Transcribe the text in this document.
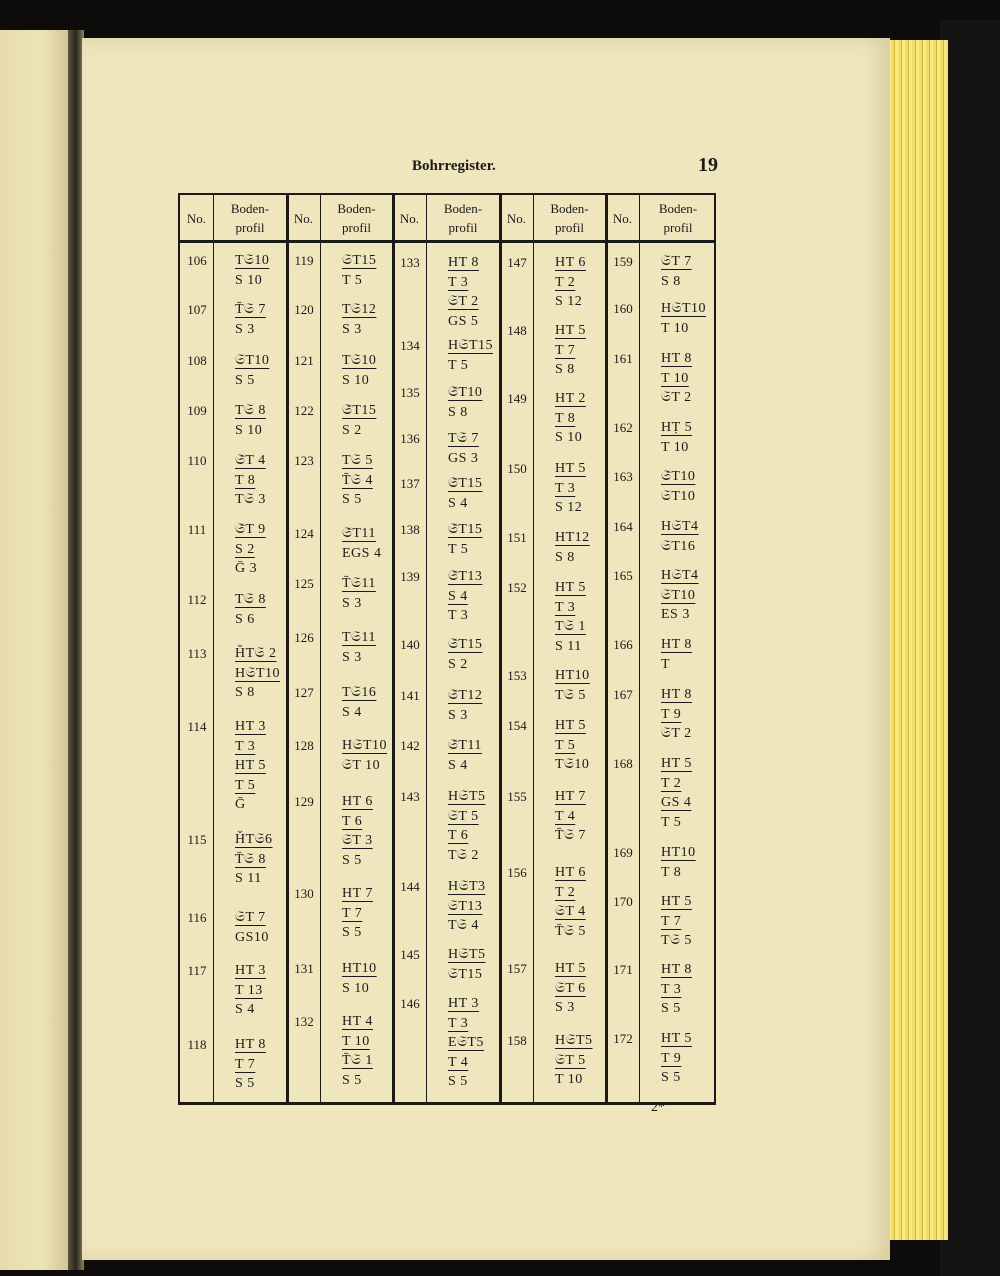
Bohrregister.	19
No.
Boden-
profil
No.
Boden-
profil
No.
Boden-
profil
No.
Boden-
profil
No.
Boden-
profil
106	T𝔖10
S 10
107	T̄𝔖 7
S 3
108	𝔖T10
S 5
109	T𝔖 8
S 10
110	𝔖̄T 4
T 8
T𝔖 3
111	𝔖̄T 9
S 2
Ḡ 3
112	T𝔖 8
S 6
113	ȞT𝔖 2
H𝔖T10
S 8
114	HT 3
T 3
HT 5
T 5
Ḡ
115	ȞT𝔖6
T̄𝔖 8
S 11
116	𝔖T 7
GS10
117	HT 3
T 13
S 4
118	HT 8
T 7
S 5
119	𝔖T15
T 5
120	T𝔖12
S 3
121	T𝔖10
S 10
122	𝔖̄T15
S 2
123	T𝔖 5
T̄𝔖 4
S 5
124	𝔖̄T11
EGS 4
125	T̄𝔖11
S 3
126	T𝔖11
S 3
127	T𝔖16
S 4
128	H𝔖T10
𝔖T 10
129	HT 6
T 6
𝔖T 3
S 5
130	HT 7
T 7
S 5
131	HT10
S 10
132	HT 4
T 10
T̄𝔖 1
S 5
133	HT 8
T 3
𝔖T 2
GS 5
134	H𝔖T15
T 5
135	𝔖̄T10
S 8
136	T𝔖 7
GS 3
137	𝔖̄T15
S 4
138	𝔖̄T15
T 5
139	𝔖̄T13
S 4
T 3
140	𝔖̄T15
S 2
141	𝔖̄T12
S 3
142	𝔖̄T11
S 4
143	H𝔖T5
𝔖T 5
T 6
T𝔖 2
144	H𝔖T3
𝔖T13
T𝔖 4
145	H𝔖T5
𝔖T15
146	HT 3
T 3
E𝔖T5
T 4
S 5
147	HT 6
T 2
S 12
148	HT 5
T 7
S 8
149	HT 2
T 8
S 10
150	HT 5
T 3
S 12
151	HT12
S 8
152	HT 5
T 3
T𝔖 1
S 11
153	HT10
T𝔖 5
154	HT 5
T 5
T𝔖10
155	HT 7
T 4
T̄𝔖 7
156	HT 6
T 2
𝔖T 4
T̄𝔖 5
157	HT 5
𝔖T 6
S 3
158	H𝔖T5
𝔖T 5
T 10
159	𝔖T 7
S 8
160	H𝔖T10
T 10
161	HT 8
T 10
𝔖T 2
162	HṬ 5
T 10
163	𝔖̄T10
𝔖T10
164	H𝔖T4
𝔖T16
165	H𝔖T4
𝔖T10
ES 3
166	HT 8
T
167	HT 8
T 9
𝔖T 2
168	HT 5
T 2
GS 4
T 5
169	HT10
T 8
170	HT 5
T 7
T𝔖 5
171	HT 8
T 3
S 5
172	HT 5
T 9
S 5
2*
